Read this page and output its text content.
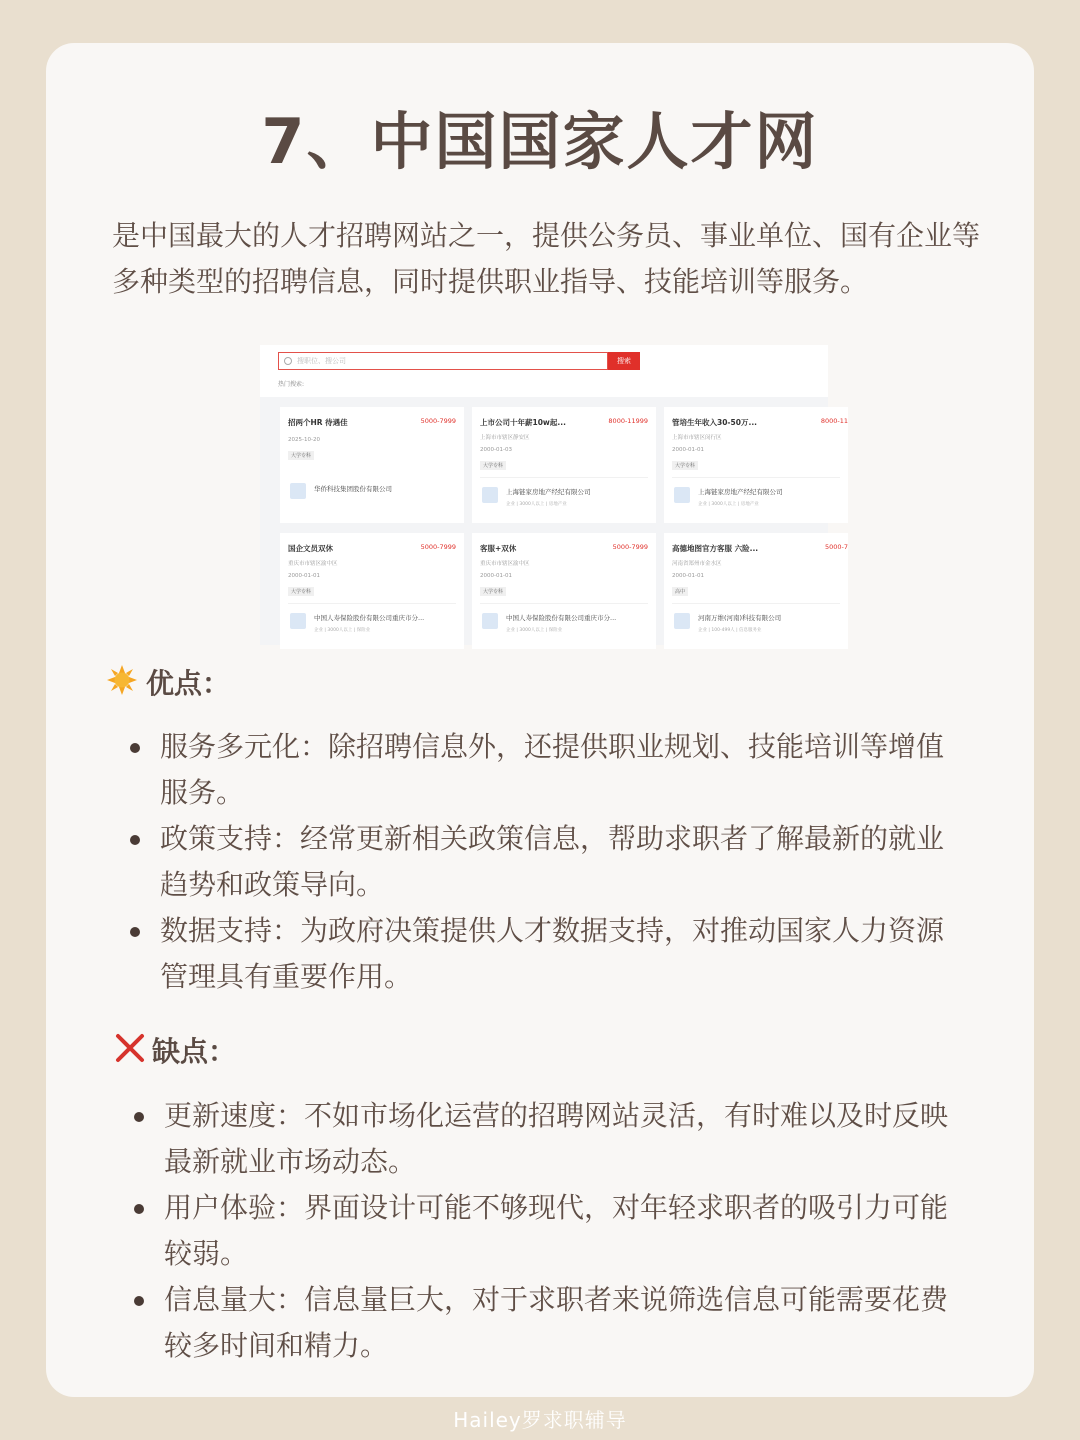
7、中国国家人才网

是中国最大的人才招聘网站之一，提供公务员、事业单位、国有企业等多种类型的招聘信息，同时提供职业指导、技能培训等服务。

搜职位、搜公司	搜索
热门搜索:
招两个HR 待遇佳	5000-7999
2025-10-20
大学专科
华侨科技集团股份有限公司
上市公司十年薪10w起...	8000-11999
上海市市辖区静安区
2000-01-03
大学专科
上海链家房地产经纪有限公司
企业 | 3000人以上 | 房地产业
管培生年收入30-50万...	8000-11
上海市市辖区闵行区
2000-01-01
大学专科
上海链家房地产经纪有限公司
企业 | 3000人以上 | 房地产业
国企文员双休	5000-7999
重庆市市辖区渝中区
2000-01-01
大学专科
中国人寿保险股份有限公司重庆市分...
企业 | 3000人以上 | 保险业
客服+双休	5000-7999
重庆市市辖区渝中区
2000-01-01
大学专科
中国人寿保险股份有限公司重庆市分...
企业 | 3000人以上 | 保险业
高德地图官方客服 六险...	5000-7
河南省郑州市金水区
2000-01-01
高中
河南万维(河南)科技有限公司
企业 | 100-499人 | 信息服务业
优点：
服务多元化：除招聘信息外，还提供职业规划、技能培训等增值服务。
政策支持：经常更新相关政策信息，帮助求职者了解最新的就业趋势和政策导向。
数据支持：为政府决策提供人才数据支持，对推动国家人力资源管理具有重要作用。
缺点：
更新速度：不如市场化运营的招聘网站灵活，有时难以及时反映最新就业市场动态。
用户体验：界面设计可能不够现代，对年轻求职者的吸引力可能较弱。
信息量大：信息量巨大，对于求职者来说筛选信息可能需要花费较多时间和精力。
Hailey罗求职辅导
